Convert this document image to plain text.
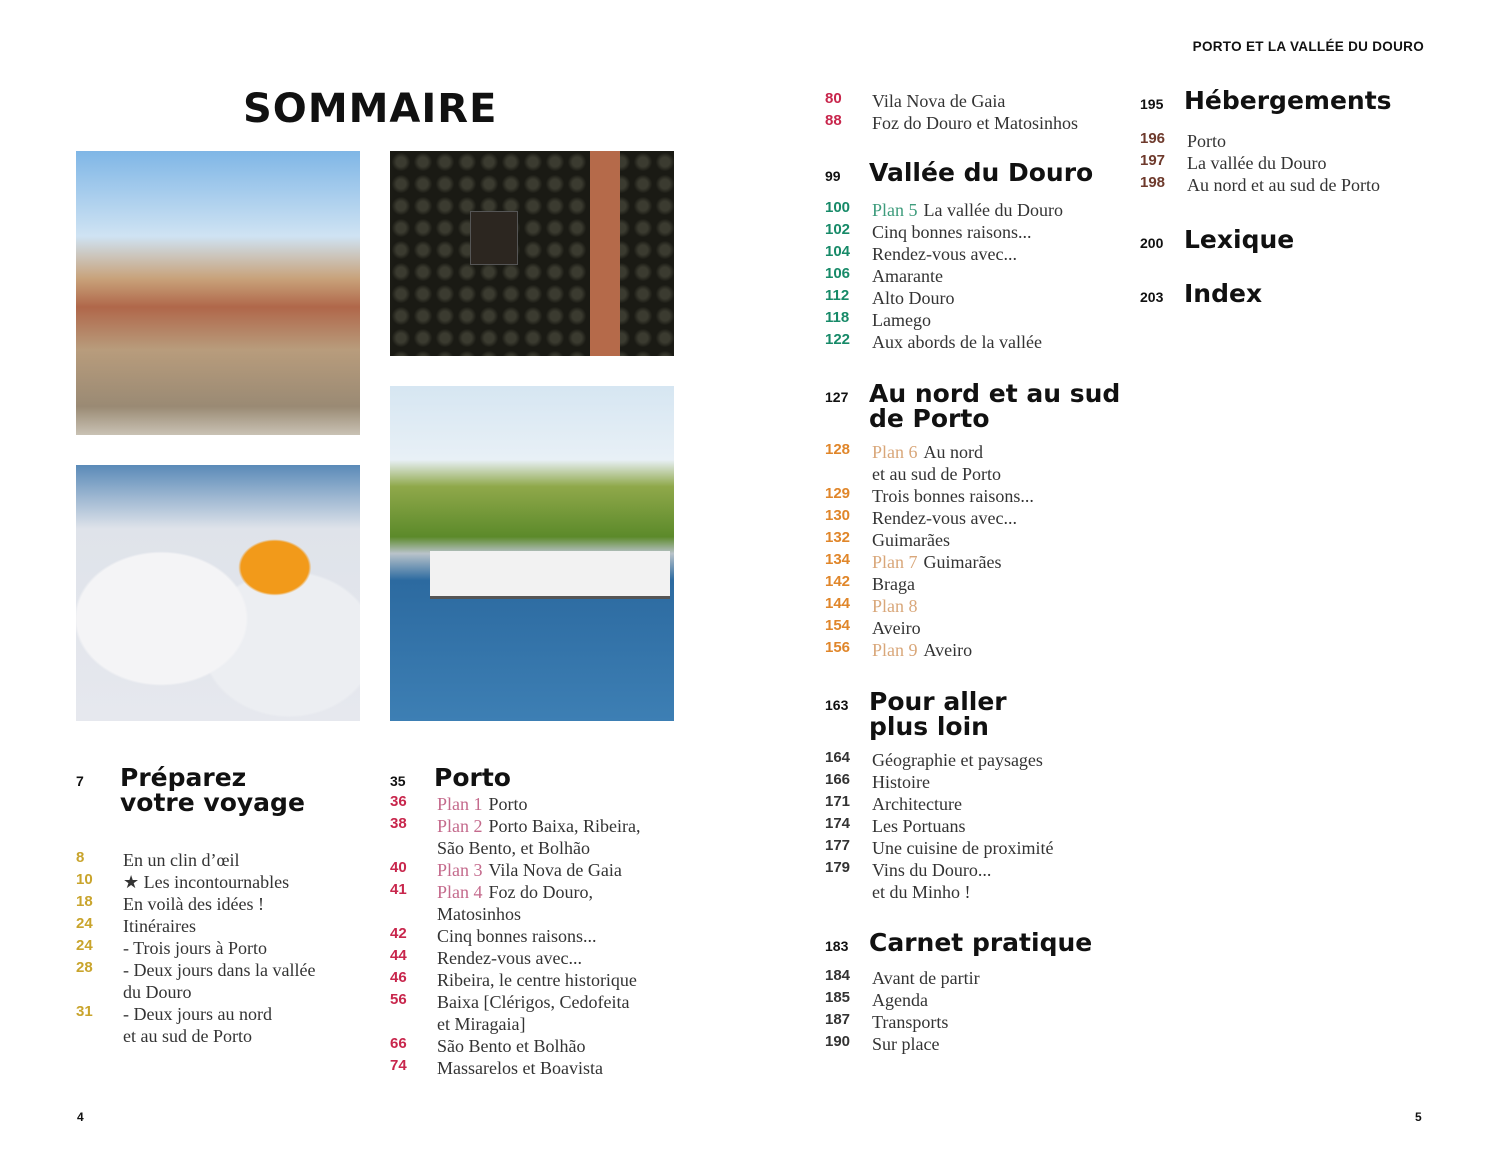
PORTO ET LA VALLÉE DU DOURO
SOMMAIRE
7	Préparez
votre voyage
8	En un clin d’œil
10	★ Les incontournables
18	En voilà des idées !
24	Itinéraires
24	- Trois jours à Porto
28	- Deux jours dans la vallée
du Douro
31	- Deux jours au nord
et au sud de Porto
35	Porto
36	Plan 1 Porto
38	Plan 2 Porto Baixa, Ribeira,
São Bento, et Bolhão
40	Plan 3 Vila Nova de Gaia
41	Plan 4 Foz do Douro,
Matosinhos
42	Cinq bonnes raisons...
44	Rendez-vous avec...
46	Ribeira, le centre historique
56	Baixa [Clérigos, Cedofeita
et Miragaia]
66	São Bento et Bolhão
74	Massarelos et Boavista
80	Vila Nova de Gaia
88	Foz do Douro et Matosinhos
99	Vallée du Douro
100	Plan 5 La vallée du Douro
102	Cinq bonnes raisons...
104	Rendez-vous avec...
106	Amarante
112	Alto Douro
118	Lamego
122	Aux abords de la vallée
127 Au nord et au sud
de Porto
128	Plan 6 Au nord
et au sud de Porto
129	Trois bonnes raisons...
130	Rendez-vous avec...
132	Guimarães
134	Plan 7 Guimarães
142	Braga
144	Plan 8
154	Aveiro
156	Plan 9 Aveiro
163 Pour aller
plus loin
164	Géographie et paysages
166	Histoire
171	Architecture
174	Les Portuans
177	Une cuisine de proximité
179	Vins du Douro...
et du Minho !
183 Carnet pratique
184	Avant de partir
185	Agenda
187	Transports
190	Sur place
195 Hébergements
196	Porto
197	La vallée du Douro
198	Au nord et au sud de Porto
200 Lexique
203 Index
4	5
